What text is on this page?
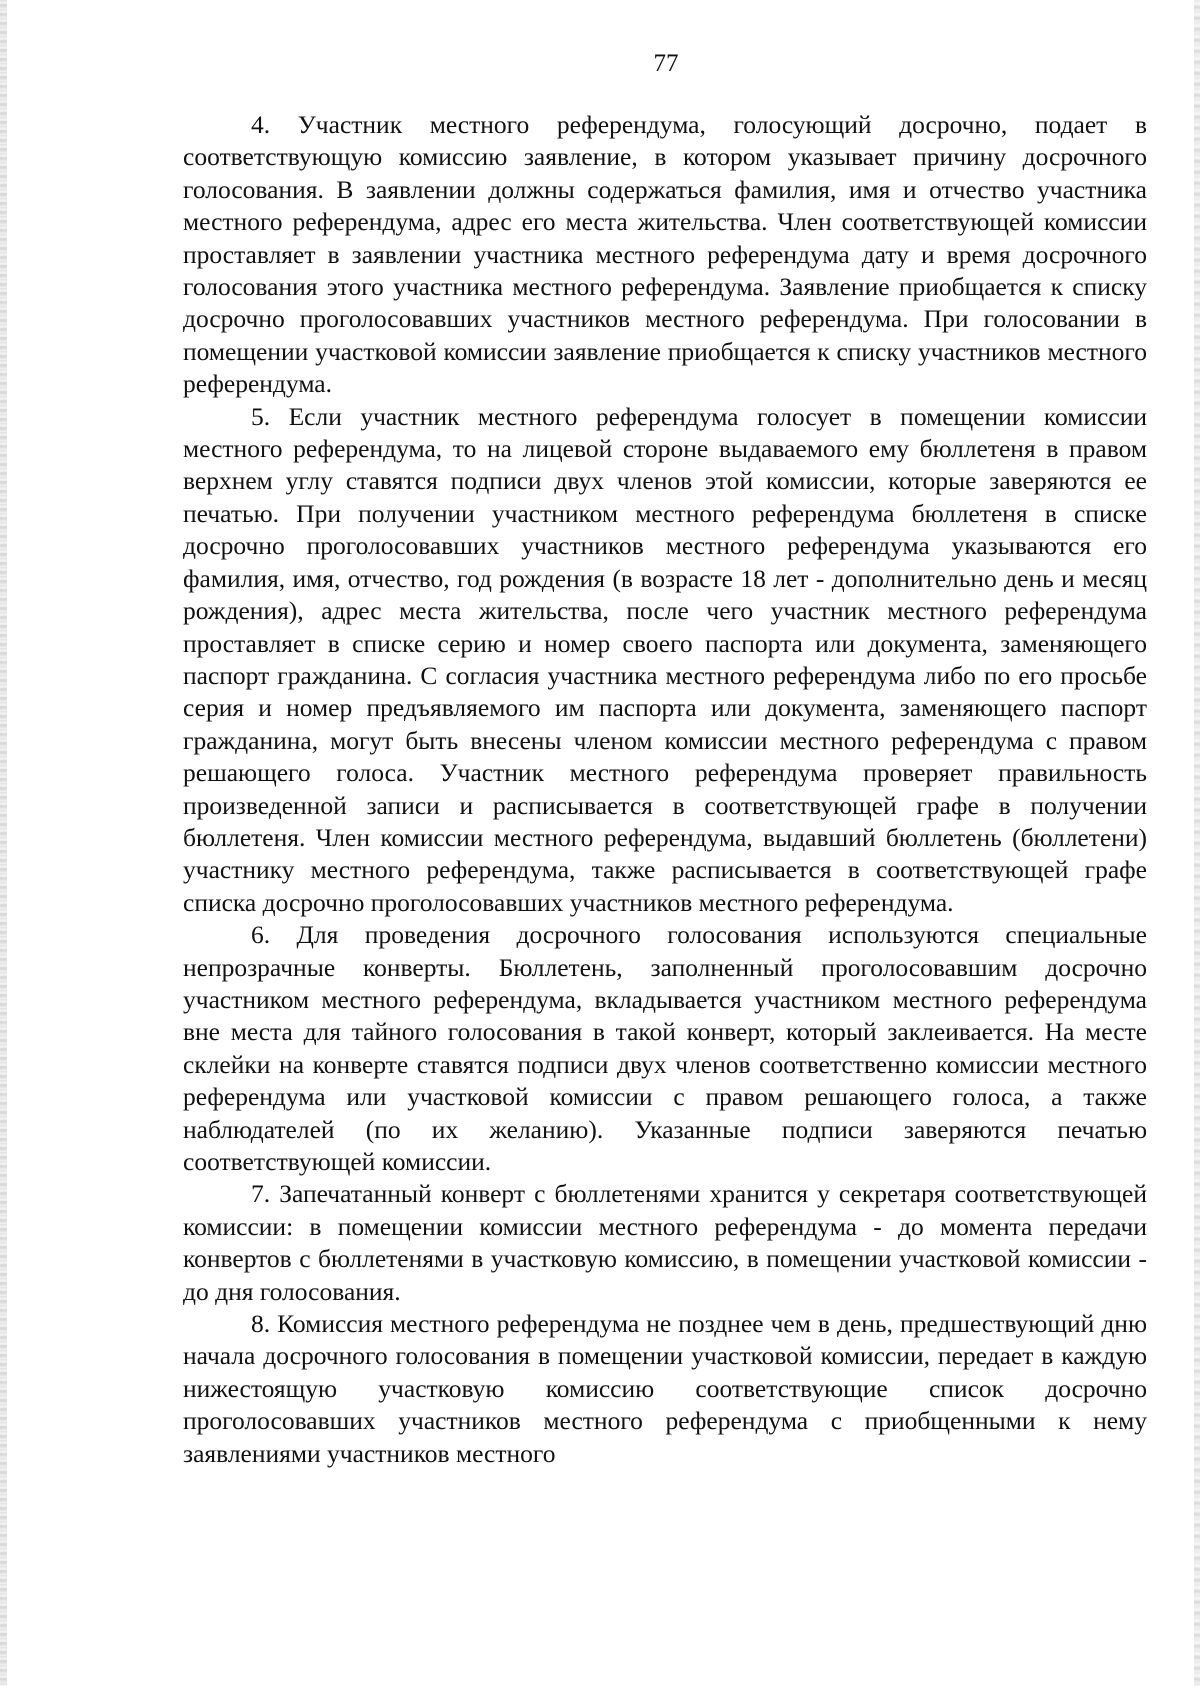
77

4. Участник местного референдума, голосующий досрочно, подает в соответствующую комиссию заявление, в котором указывает причину досрочного голосования. В заявлении должны содержаться фамилия, имя и отчество участника местного референдума, адрес его места жительства. Член соответствующей комиссии проставляет в заявлении участника местного референдума дату и время досрочного голосования этого участника местного референдума. Заявление приобщается к списку досрочно проголосовавших участников местного референдума. При голосовании в помещении участковой комиссии заявление приобщается к списку участников местного референдума.

5. Если участник местного референдума голосует в помещении комиссии местного референдума, то на лицевой стороне выдаваемого ему бюллетеня в правом верхнем углу ставятся подписи двух членов этой комиссии, которые заверяются ее печатью. При получении участником местного референдума бюллетеня в списке досрочно проголосовавших участников местного референдума указываются его фамилия, имя, отчество, год рождения (в возрасте 18 лет - дополнительно день и месяц рождения), адрес места жительства, после чего участник местного референдума проставляет в списке серию и номер своего паспорта или документа, заменяющего паспорт гражданина. С согласия участника местного референдума либо по его просьбе серия и номер предъявляемого им паспорта или документа, заменяющего паспорт гражданина, могут быть внесены членом комиссии местного референдума с правом решающего голоса. Участник местного референдума проверяет правильность произведенной записи и расписывается в соответствующей графе в получении бюллетеня. Член комиссии местного референдума, выдавший бюллетень (бюллетени) участнику местного референдума, также расписывается в соответствующей графе списка досрочно проголосовавших участников местного референдума.

6. Для проведения досрочного голосования используются специальные непрозрачные конверты. Бюллетень, заполненный проголосовавшим досрочно участником местного референдума, вкладывается участником местного референдума вне места для тайного голосования в такой конверт, который заклеивается. На месте склейки на конверте ставятся подписи двух членов соответственно комиссии местного референдума или участковой комиссии с правом решающего голоса, а также наблюдателей (по их желанию). Указанные подписи заверяются печатью соответствующей комиссии.

7. Запечатанный конверт с бюллетенями хранится у секретаря соответствующей комиссии: в помещении комиссии местного референдума - до момента передачи конвертов с бюллетенями в участковую комиссию, в помещении участковой комиссии - до дня голосования.

8. Комиссия местного референдума не позднее чем в день, предшествующий дню начала досрочного голосования в помещении участковой комиссии, передает в каждую нижестоящую участковую комиссию соответствующие список досрочно проголосовавших участников местного референдума с приобщенными к нему заявлениями участников местного
